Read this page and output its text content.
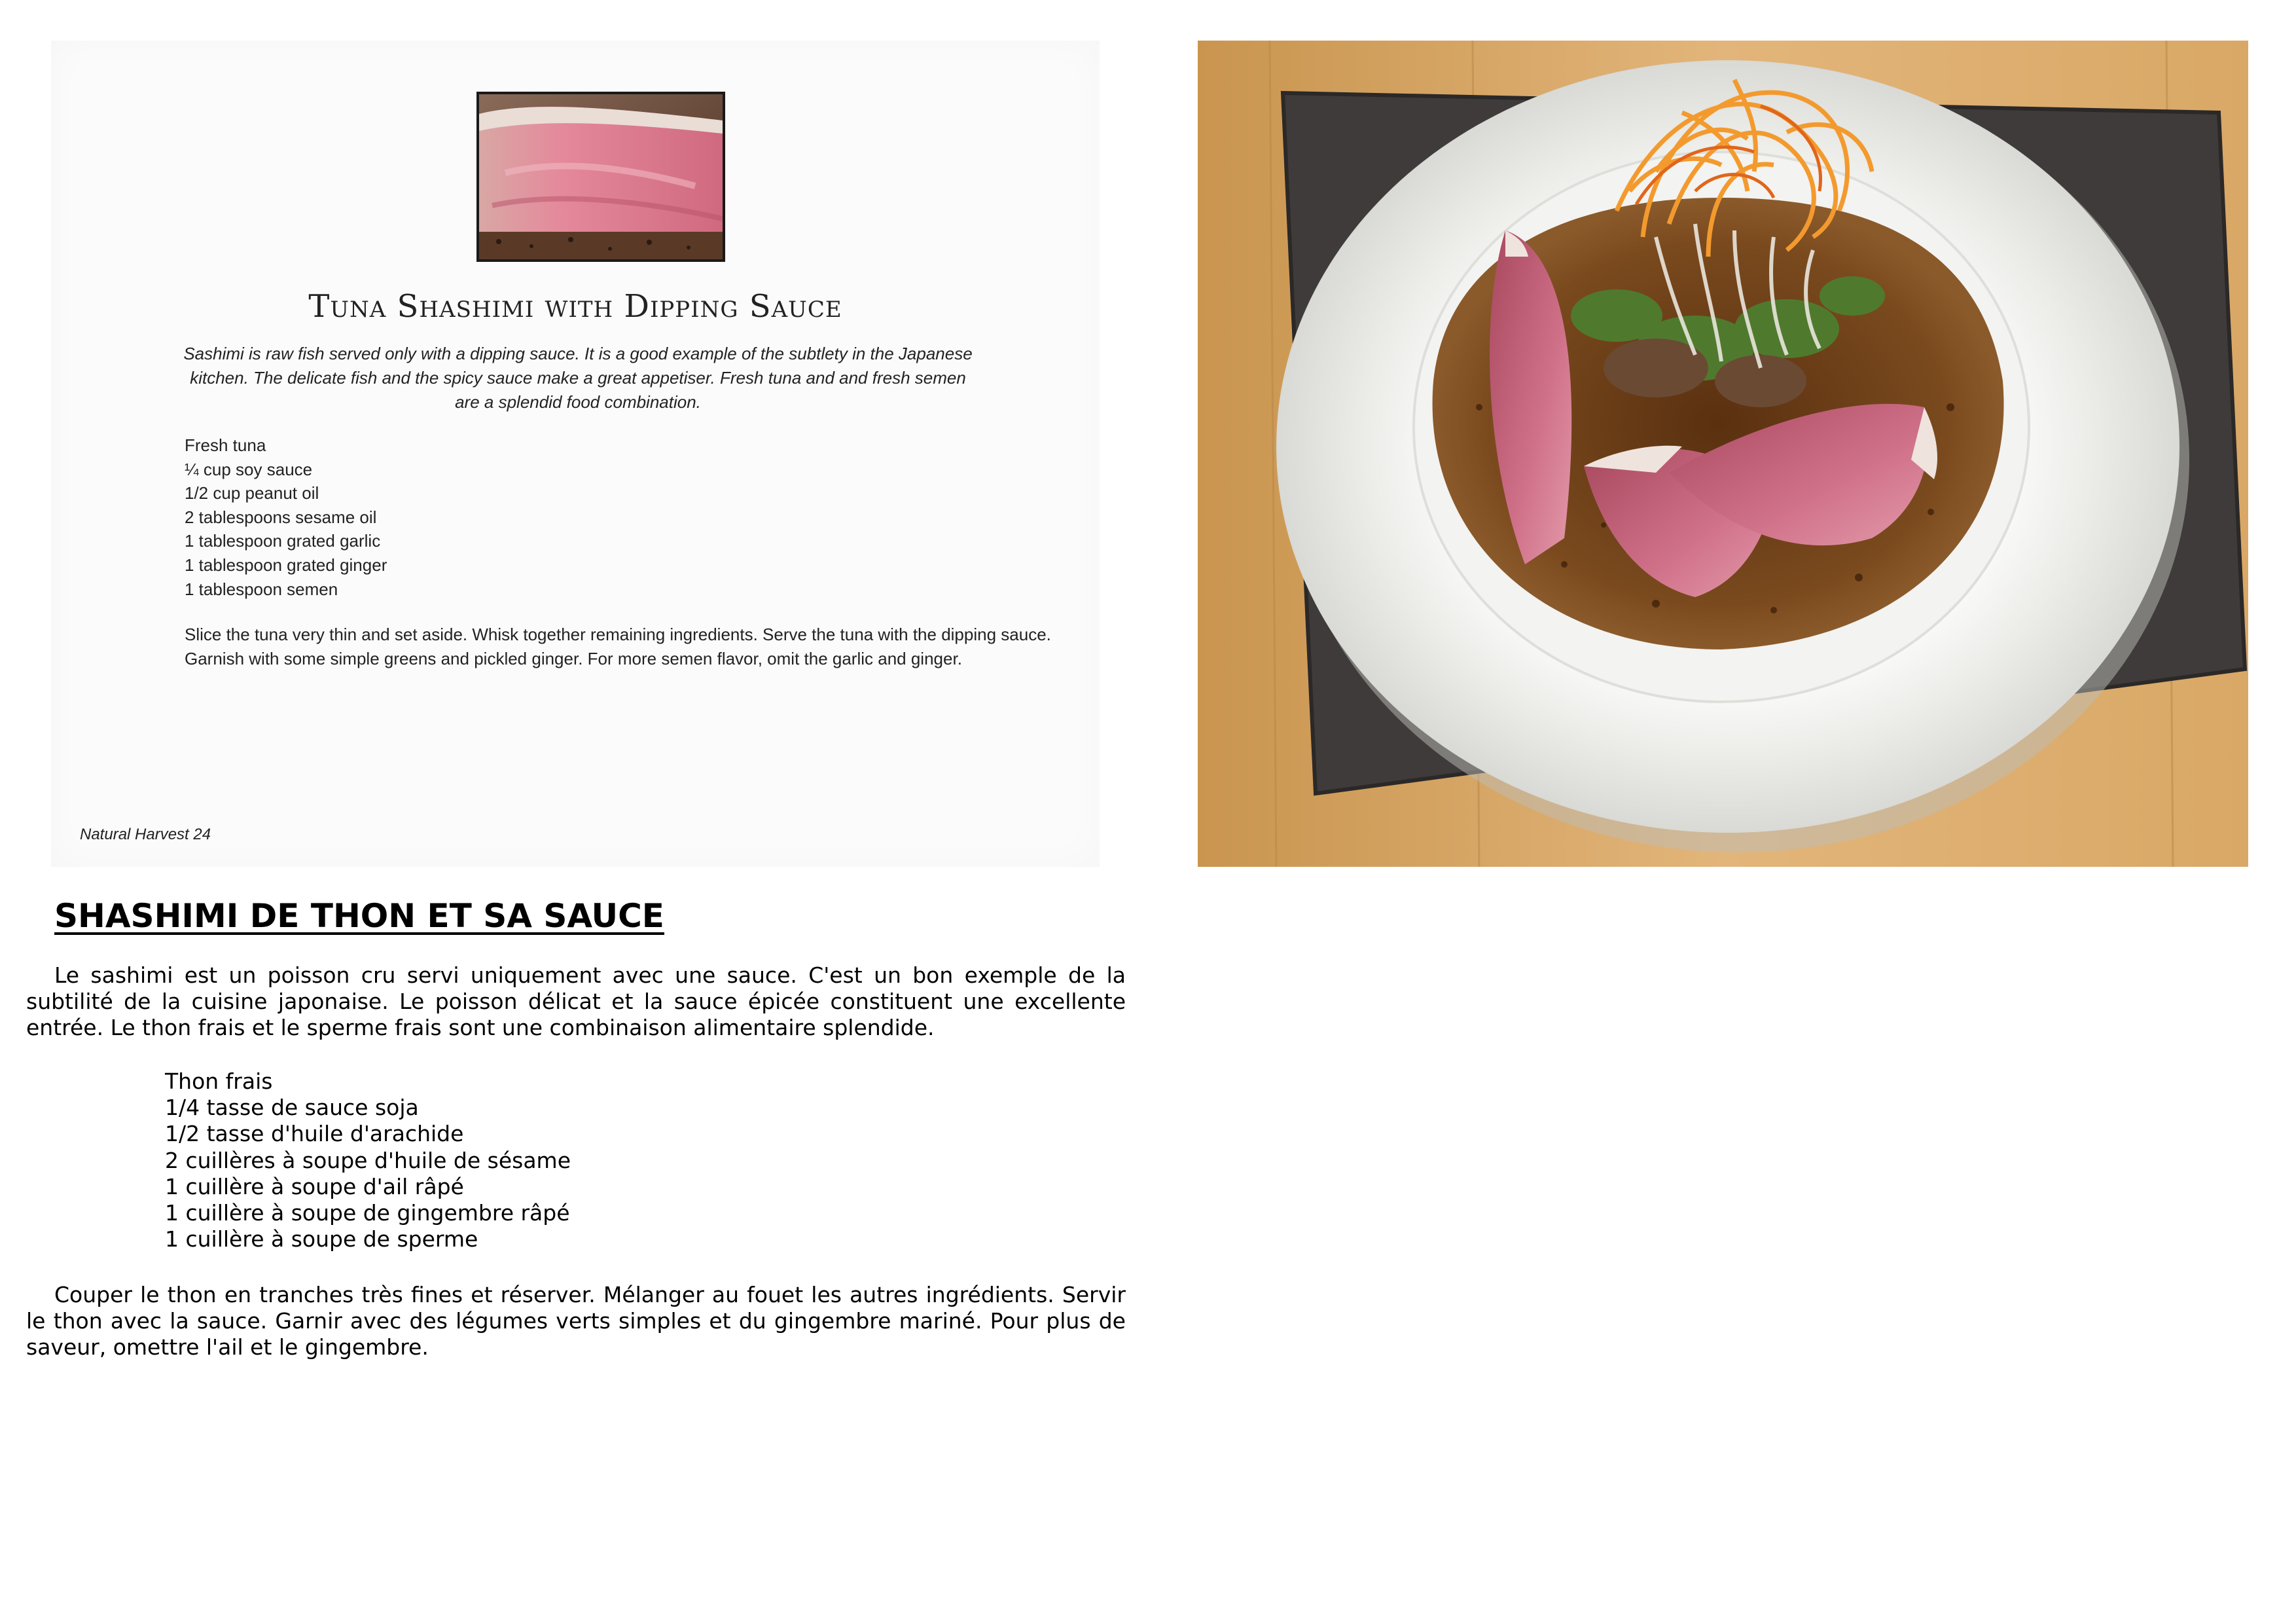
Tuna Shashimi with Dipping Sauce

Sashimi is raw fish served only with a dipping sauce. It is a good example of the subtlety in the Japanese kitchen. The delicate fish and the spicy sauce make a great appetiser. Fresh tuna and and fresh semen are a splendid food combination.

Fresh tuna
¼ cup soy sauce
1/2 cup peanut oil
2 tablespoons sesame oil
1 tablespoon grated garlic
1 tablespoon grated ginger
1 tablespoon semen

Slice the tuna very thin and set aside. Whisk together remaining ingredients. Serve the tuna with the dipping sauce. Garnish with some simple greens and pickled ginger. For more semen flavor, omit the garlic and ginger.

Natural Harvest 24

SHASHIMI DE THON ET SA SAUCE

Le sashimi est un poisson cru servi uniquement avec une sauce. C'est un bon exemple de la subtilité de la cuisine japonaise. Le poisson délicat et la sauce épicée constituent une excellente entrée. Le thon frais et le sperme frais sont une combinaison alimentaire splendide.

Thon frais
1/4 tasse de sauce soja
1/2 tasse d'huile d'arachide
2 cuillères à soupe d'huile de sésame
1 cuillère à soupe d'ail râpé
1 cuillère à soupe de gingembre râpé
1 cuillère à soupe de sperme

Couper le thon en tranches très fines et réserver. Mélanger au fouet les autres ingrédients. Servir le thon avec la sauce. Garnir avec des légumes verts simples et du gingembre mariné. Pour plus de saveur, omettre l'ail et le gingembre.
